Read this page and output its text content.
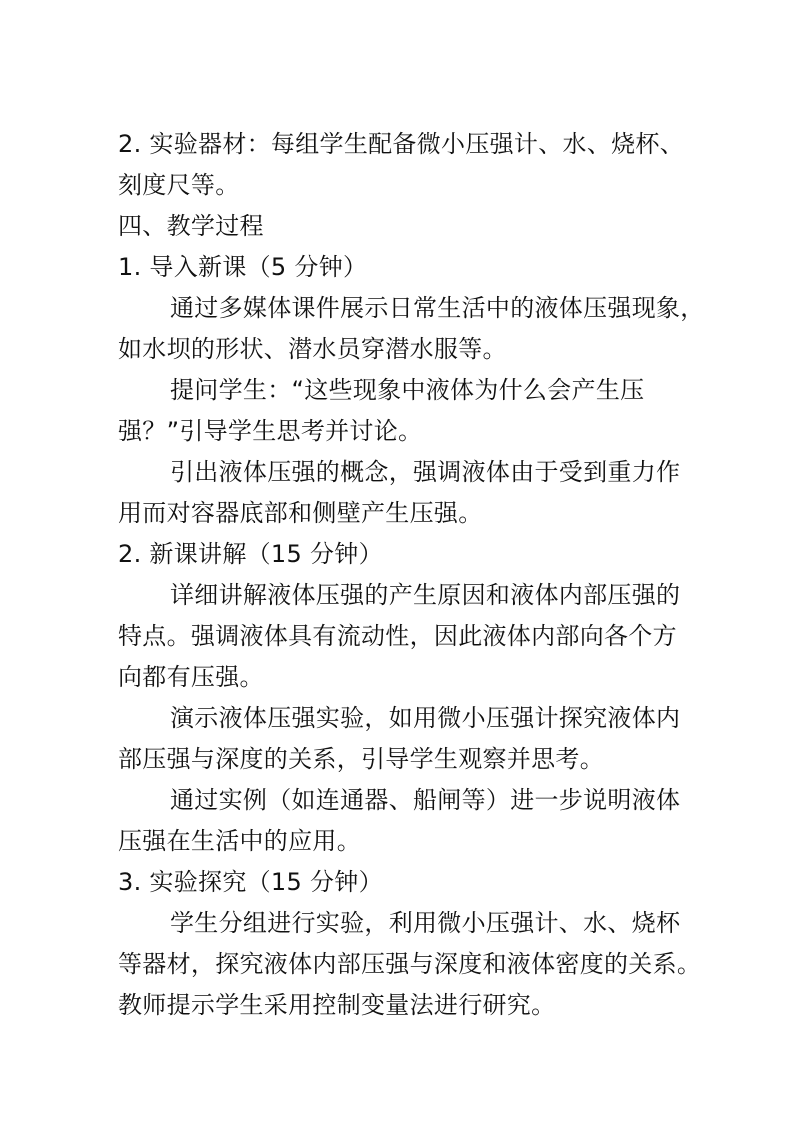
2. 实验器材：每组学生配备微小压强计、水、烧杯、
刻度尺等。
四、教学过程
1. 导入新课（5 分钟）
通过多媒体课件展示日常生活中的液体压强现象，
如水坝的形状、潜水员穿潜水服等。
提问学生：“这些现象中液体为什么会产生压
强？”引导学生思考并讨论。
引出液体压强的概念，强调液体由于受到重力作
用而对容器底部和侧壁产生压强。
2. 新课讲解（15 分钟）
详细讲解液体压强的产生原因和液体内部压强的
特点。强调液体具有流动性，因此液体内部向各个方
向都有压强。
演示液体压强实验，如用微小压强计探究液体内
部压强与深度的关系，引导学生观察并思考。
通过实例（如连通器、船闸等）进一步说明液体
压强在生活中的应用。
3. 实验探究（15 分钟）
学生分组进行实验，利用微小压强计、水、烧杯
等器材，探究液体内部压强与深度和液体密度的关系。
教师提示学生采用控制变量法进行研究。
